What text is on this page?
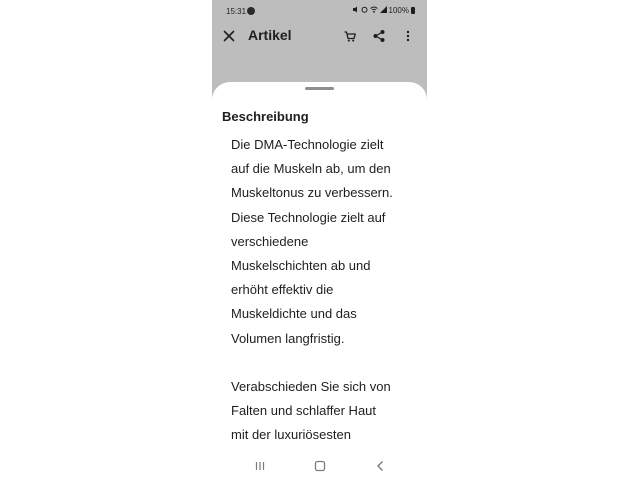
15:31	100%
Artikel
Beschreibung
Die DMA-Technologie zielt
auf die Muskeln ab, um den
Muskeltonus zu verbessern.
Diese Technologie zielt auf
verschiedene
Muskelschichten ab und
erhöht effektiv die
Muskeldichte und das
Volumen langfristig.
Verabschieden Sie sich von
Falten und schlaffer Haut
mit der luxuriösesten
